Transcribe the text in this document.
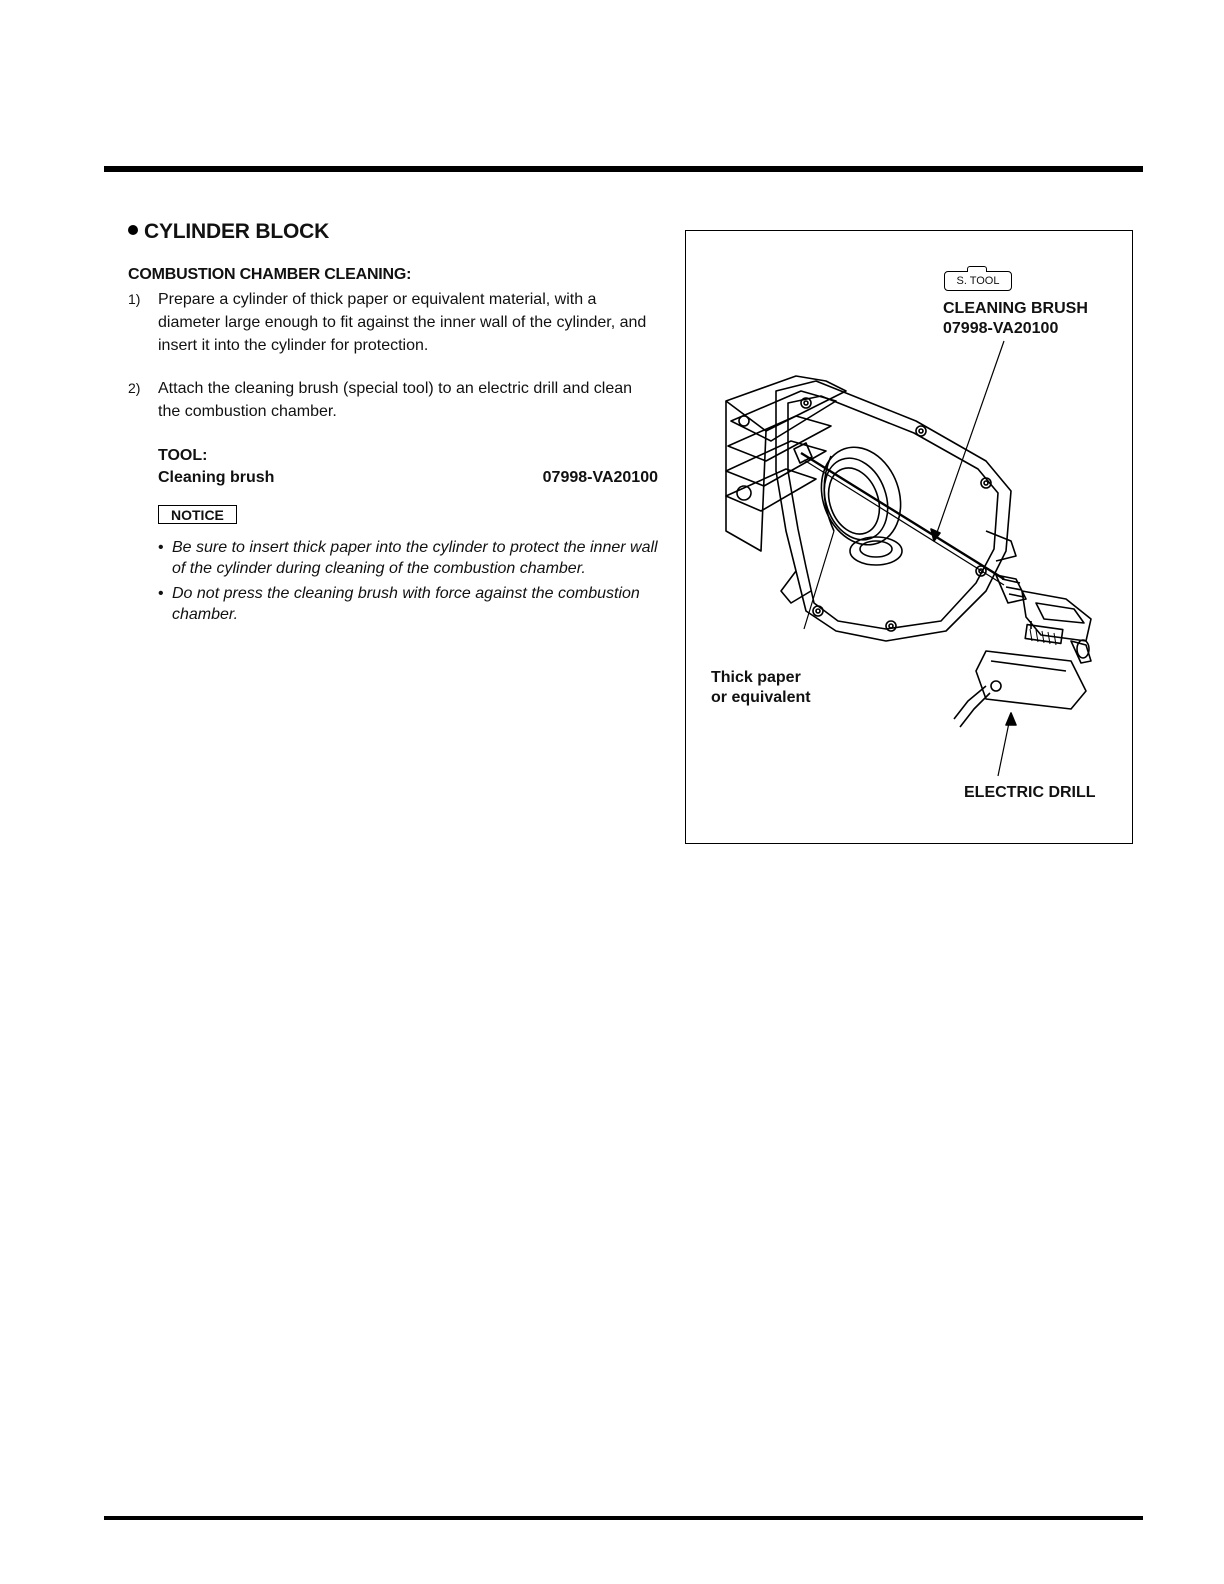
CYLINDER BLOCK
COMBUSTION CHAMBER CLEANING:
1)	Prepare a cylinder of thick paper or equivalent material, with a diameter large enough to fit against the inner wall of the cylinder, and insert it into the cylinder for protection.
2)	Attach the cleaning brush (special tool) to an electric drill and clean the combustion chamber.
TOOL:
Cleaning brush	07998-VA20100
NOTICE
• Be sure to insert thick paper into the cylinder to protect the inner wall of the cylinder during cleaning of the combustion chamber.
• Do not press the cleaning brush with force against the combustion chamber.
S. TOOL
CLEANING BRUSH
07998-VA20100
Thick paper
or equivalent
ELECTRIC DRILL
